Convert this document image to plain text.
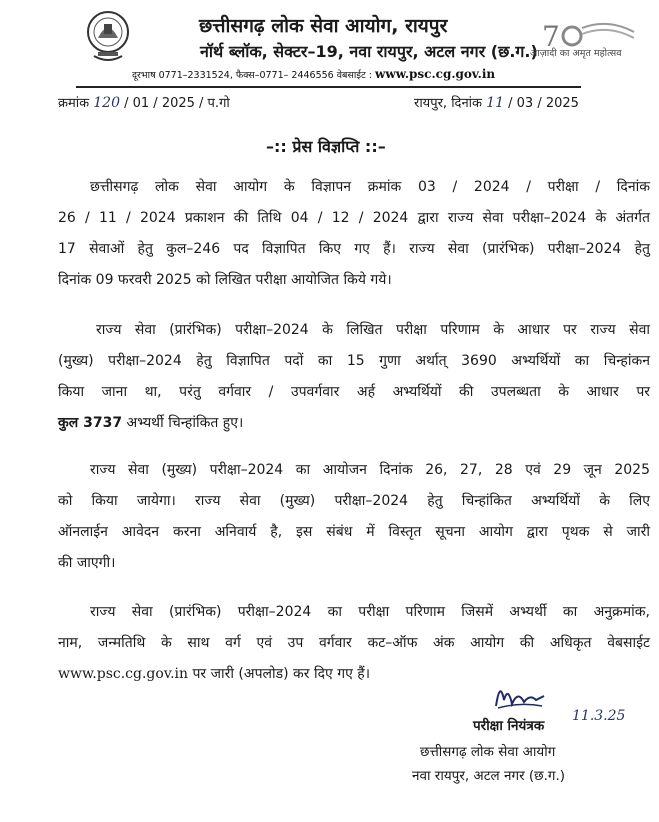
छत्तीसगढ़ लोक सेवा आयोग, रायपुर
नॉर्थ ब्लॉक, सेक्टर–19, नवा रायपुर, अटल नगर (छ.ग.)
दूरभाष 0771–2331524, फैक्स–0771– 2446556 वेबसाईट : www.psc.cg.gov.in
7
आज़ादी का अमृत महोत्सव
क्रमांक 120 / 01 / 2025 / प.गो	रायपुर, दिनांक 11 / 03 / 2025
–:: प्रेस विज्ञप्ति ::–
छत्तीसगढ़ लोक सेवा आयोग के विज्ञापन क्रमांक 03 / 2024 / परीक्षा / दिनांक
26 / 11 / 2024 प्रकाशन की तिथि 04 / 12 / 2024 द्वारा राज्य सेवा परीक्षा–2024 के अंतर्गत
17 सेवाओं हेतु कुल–246 पद विज्ञापित किए गए हैं। राज्य सेवा (प्रारंभिक) परीक्षा–2024 हेतु
दिनांक 09 फरवरी 2025 को लिखित परीक्षा आयोजित किये गये।
राज्य सेवा (प्रारंभिक) परीक्षा–2024 के लिखित परीक्षा परिणाम के आधार पर राज्य सेवा
(मुख्य) परीक्षा–2024 हेतु विज्ञापित पदों का 15 गुणा अर्थात् 3690 अभ्यर्थियों का चिन्हांकन
किया जाना था, परंतु वर्गवार / उपवर्गवार अर्ह अभ्यर्थियों की उपलब्धता के आधार पर
कुल 3737 अभ्यर्थी चिन्हांकित हुए।
राज्य सेवा (मुख्य) परीक्षा–2024 का आयोजन दिनांक 26, 27, 28 एवं 29 जून 2025
को किया जायेगा। राज्य सेवा (मुख्य) परीक्षा–2024 हेतु चिन्हांकित अभ्यर्थियों के लिए
ऑनलाईन आवेदन करना अनिवार्य है, इस संबंध में विस्तृत सूचना आयोग द्वारा पृथक से जारी
की जाएगी।
राज्य सेवा (प्रारंभिक) परीक्षा–2024 का परीक्षा परिणाम जिसमें अभ्यर्थी का अनुक्रमांक,
नाम, जन्मतिथि के साथ वर्ग एवं उप वर्गवार कट–ऑफ अंक आयोग की अधिकृत वेबसाईट
www.psc.cg.gov.in पर जारी (अपलोड) कर दिए गए हैं।
11.3.25
परीक्षा नियंत्रक
छत्तीसगढ़ लोक सेवा आयोग
नवा रायपुर, अटल नगर (छ.ग.)
